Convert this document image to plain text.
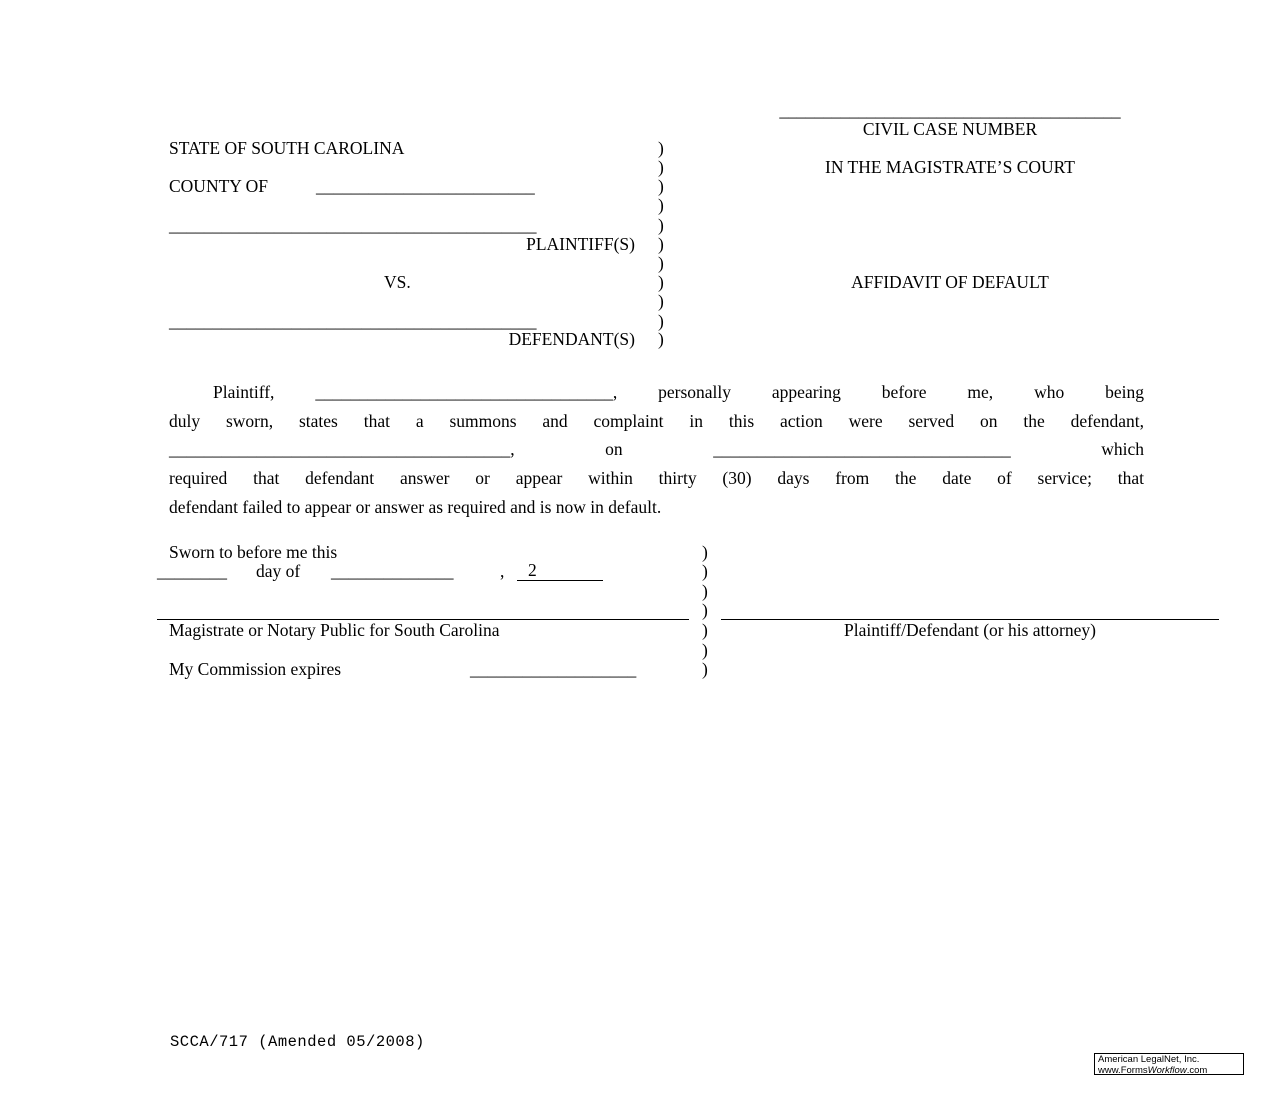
_______________________________________
CIVIL CASE NUMBER
IN THE MAGISTRATE’S COURT
AFFIDAVIT OF DEFAULT
STATE OF SOUTH CAROLINA
COUNTY OF	_________________________
__________________________________________
PLAINTIFF(S)
VS.
__________________________________________
DEFENDANT(S)
)
)
)
)
)
)
)
)
)
)
)
Plaintiff, __________________________________, personally appearing before me, who being
duly sworn, states that a summons and complaint in this action were served on the defendant,
_______________________________________,	on	__________________________________	which
required that defendant answer or appear within thirty (30) days from the date of service; that
defendant failed to appear or answer as required and is now in default.
Sworn to before me this
________ day of ______________	, 2
Magistrate or Notary Public for South Carolina
My Commission expires	___________________
Plaintiff/Defendant (or his attorney)
)
)
)
)
)
)
)
SCCA/717 (Amended 05/2008)
American LegalNet, Inc.
www.FormsWorkflow.com
